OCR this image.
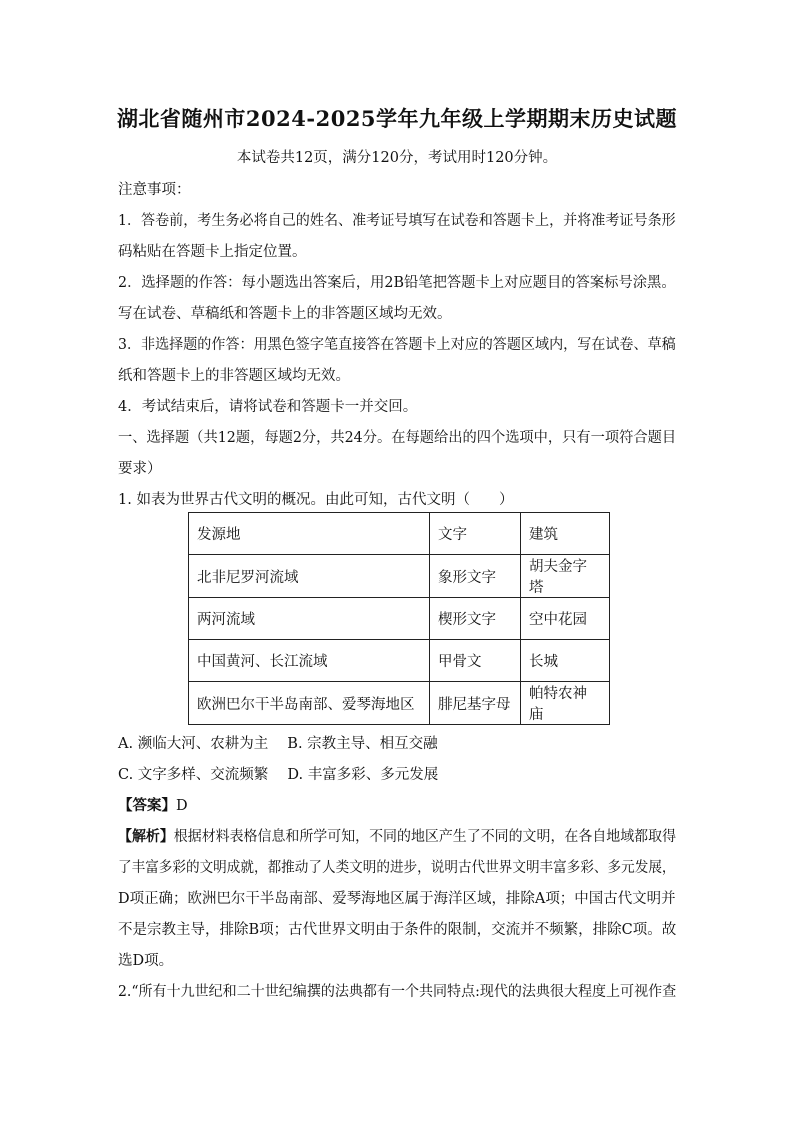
湖北省随州市2024-2025学年九年级上学期期末历史试题
本试卷共12页，满分120分，考试用时120分钟。
注意事项：
1．答卷前，考生务必将自己的姓名、准考证号填写在试卷和答题卡上，并将准考证号条形
码粘贴在答题卡上指定位置。
2．选择题的作答：每小题选出答案后，用2B铅笔把答题卡上对应题目的答案标号涂黑。
写在试卷、草稿纸和答题卡上的非答题区域均无效。
3．非选择题的作答：用黑色签字笔直接答在答题卡上对应的答题区域内，写在试卷、草稿
纸和答题卡上的非答题区域均无效。
4．考试结束后，请将试卷和答题卡一并交回。
一、选择题（共12题，每题2分，共24分。在每题给出的四个选项中，只有一项符合题目
要求）
1. 如表为世界古代文明的概况。由此可知，古代文明（　　）
发源地	文字	建筑
北非尼罗河流域	象形文字	胡夫金字塔
两河流域	楔形文字	空中花园
中国黄河、长江流域	甲骨文	长城
欧洲巴尔干半岛南部、爱琴海地区	腓尼基字母	帕特农神庙
A. 濒临大河、农耕为主　 B. 宗教主导、相互交融
C. 文字多样、交流频繁　 D. 丰富多彩、多元发展
【答案】D
【解析】根据材料表格信息和所学可知，不同的地区产生了不同的文明，在各自地域都取得
了丰富多彩的文明成就，都推动了人类文明的进步，说明古代世界文明丰富多彩、多元发展，
D项正确；欧洲巴尔干半岛南部、爱琴海地区属于海洋区域，排除A项；中国古代文明并
不是宗教主导，排除B项；古代世界文明由于条件的限制，交流并不频繁，排除C项。故
选D项。
2.“所有十九世纪和二十世纪编撰的法典都有一个共同特点:现代的法典很大程度上可视作查
